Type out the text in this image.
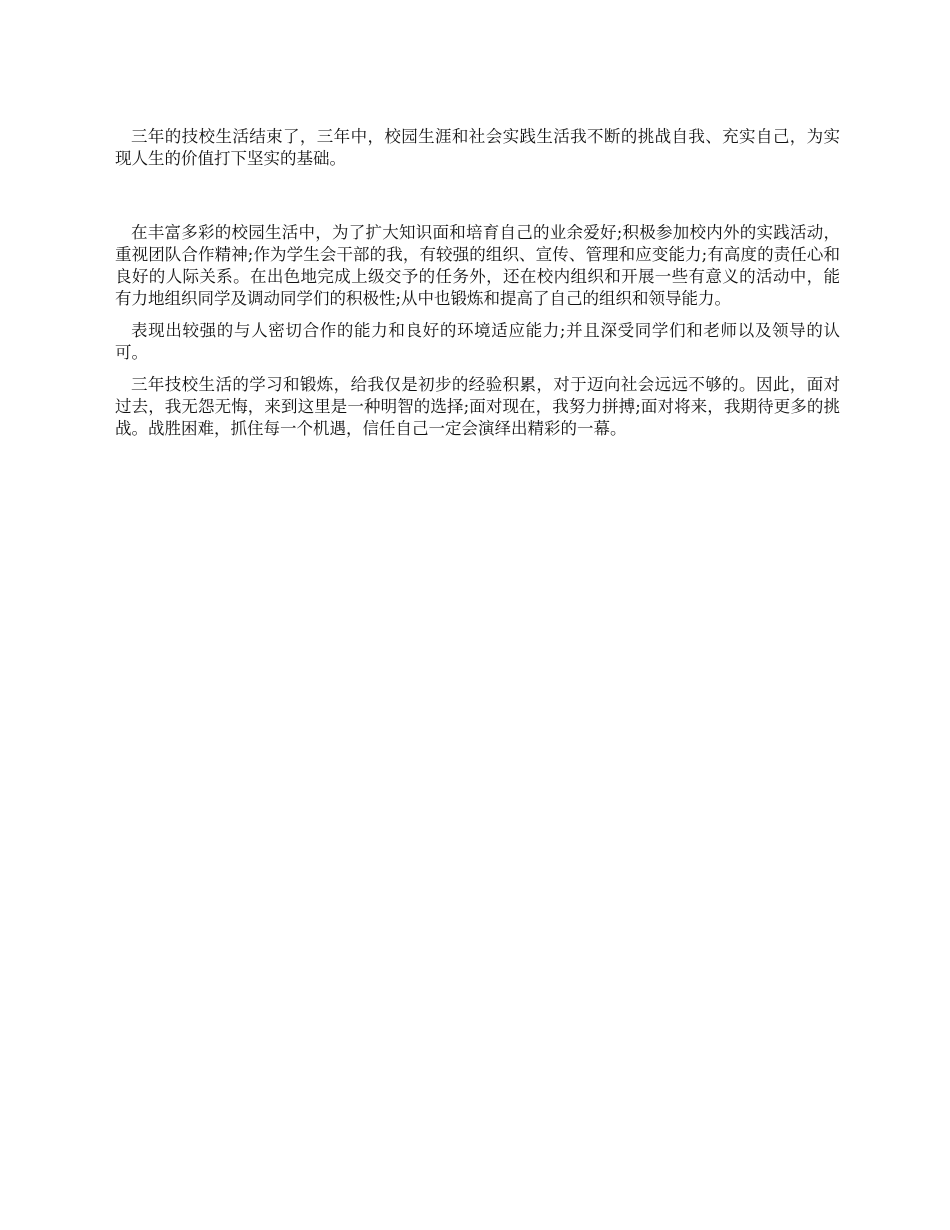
三年的技校生活结束了，三年中，校园生涯和社会实践生活我不断的挑战自我、充实自己，为实现人生的价值打下坚实的基础。

在丰富多彩的校园生活中，为了扩大知识面和培育自己的业余爱好;积极参加校内外的实践活动，重视团队合作精神;作为学生会干部的我，有较强的组织、宣传、管理和应变能力;有高度的责任心和良好的人际关系。在出色地完成上级交予的任务外，还在校内组织和开展一些有意义的活动中，能有力地组织同学及调动同学们的积极性;从中也锻炼和提高了自己的组织和领导能力。

表现出较强的与人密切合作的能力和良好的环境适应能力;并且深受同学们和老师以及领导的认可。

三年技校生活的学习和锻炼，给我仅是初步的经验积累，对于迈向社会远远不够的。因此，面对过去，我无怨无悔，来到这里是一种明智的选择;面对现在，我努力拼搏;面对将来，我期待更多的挑战。战胜困难，抓住每一个机遇，信任自己一定会演绎出精彩的一幕。
